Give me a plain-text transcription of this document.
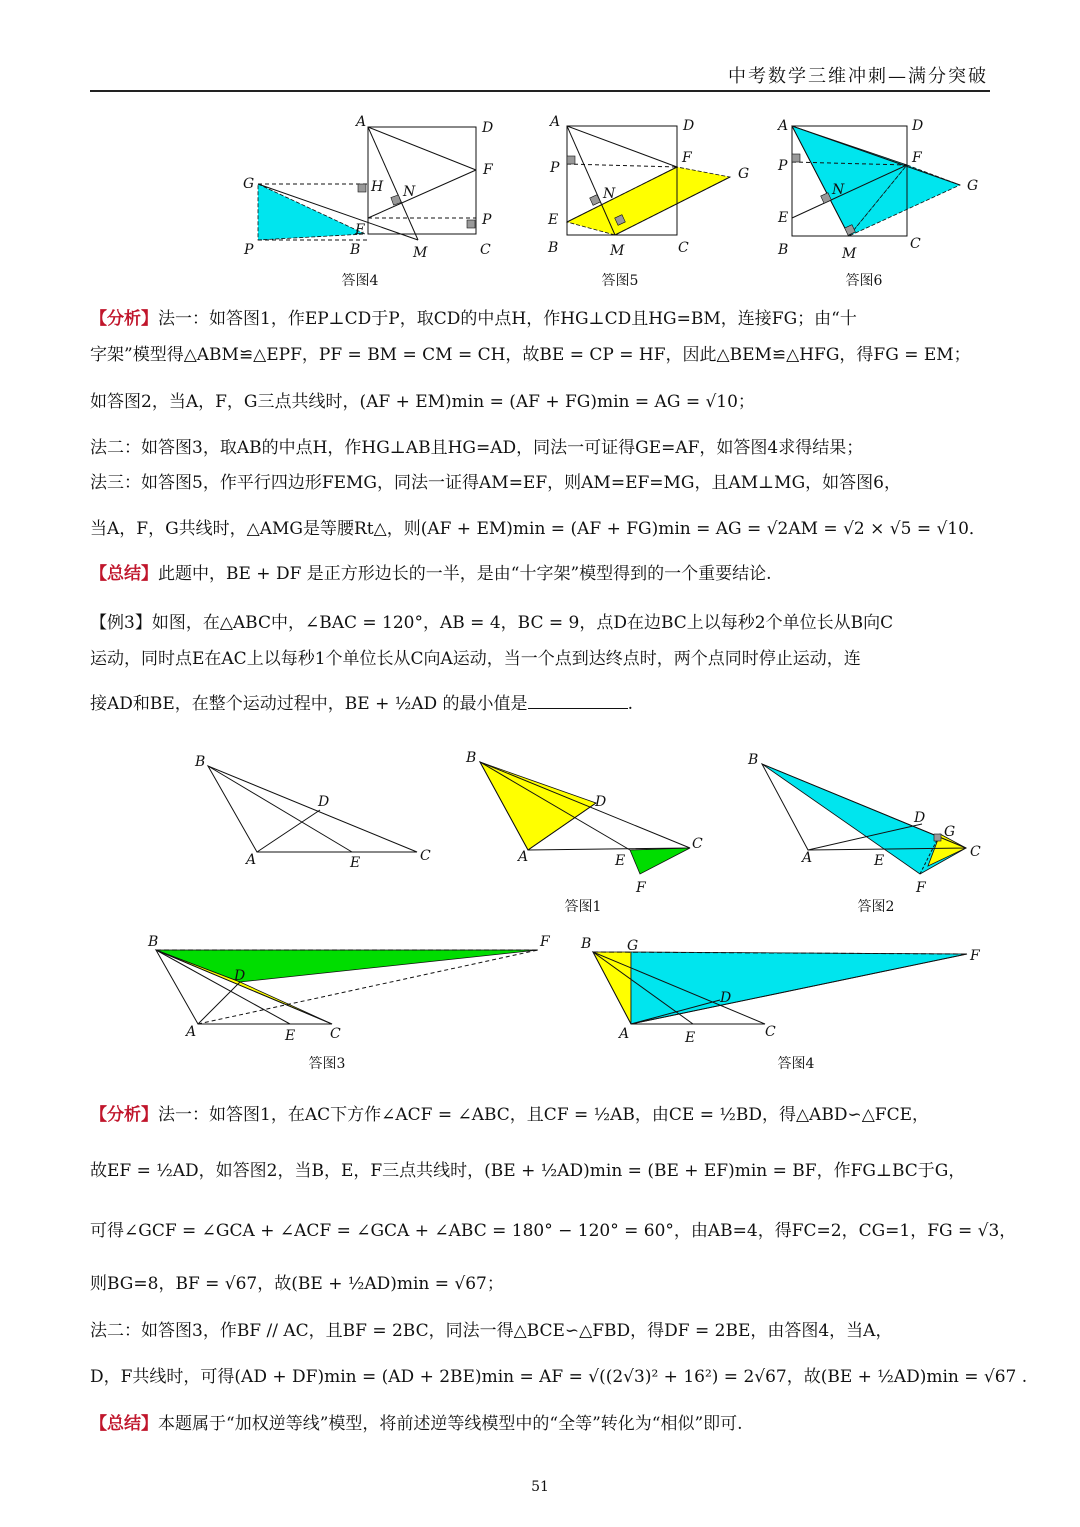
中考数学三维冲刺—满分突破
A	D
F
H N
G
E
P
P	B	M	C
答图4
A	D
P
F
G
N
E
B	M	C
答图5
A	D
P	F
G
N
E
B	M
C
答图6
【分析】法一：如答图1，作EP⊥CD于P，取CD的中点H，作HG⊥CD且HG=BM，连接FG；由“十
字架”模型得△ABM≌△EPF，PF = BM = CM = CH，故BE = CP = HF，因此△BEM≌△HFG，得FG = EM；
如答图2，当A，F，G三点共线时，(AF + EM)min = (AF + FG)min = AG = √10；
法二：如答图3，取AB的中点H，作HG⊥AB且HG=AD，同法一可证得GE=AF，如答图4求得结果；
法三：如答图5，作平行四边形FEMG，同法一证得AM=EF，则AM=EF=MG，且AM⊥MG，如答图6，
当A，F，G共线时，△AMG是等腰Rt△，则(AF + EM)min = (AF + FG)min = AG = √2AM = √2 × √5 = √10．
【总结】此题中，BE + DF 是正方形边长的一半，是由“十字架”模型得到的一个重要结论.
【例3】如图，在△ABC中，∠BAC = 120°，AB = 4，BC = 9，点D在边BC上以每秒2个单位长从B向C
运动，同时点E在AC上以每秒1个单位长从C向A运动，当一个点到达终点时，两个点同时停止运动，连
接AD和BE，在整个运动过程中，BE + ½AD 的最小值是	.
B
D
A	E	C
B
D
A	E
C
F
答图1
B
D
G
A	E
C
F
答图2
B	F
D
A	E C
答图3
B	G
F
D
A	E	C
答图4
【分析】法一：如答图1，在AC下方作∠ACF = ∠ABC，且CF = ½AB，由CE = ½BD，得△ABD∽△FCE，
故EF = ½AD，如答图2，当B，E，F三点共线时，(BE + ½AD)min = (BE + EF)min = BF，作FG⊥BC于G，
可得∠GCF = ∠GCA + ∠ACF = ∠GCA + ∠ABC = 180° − 120° = 60°，由AB=4，得FC=2，CG=1，FG = √3，
则BG=8，BF = √67，故(BE + ½AD)min = √67；
法二：如答图3，作BF // AC，且BF = 2BC，同法一得△BCE∽△FBD，得DF = 2BE，由答图4，当A，
D，F共线时，可得(AD + DF)min = (AD + 2BE)min = AF = √((2√3)² + 16²) = 2√67，故(BE + ½AD)min = √67 .
【总结】本题属于“加权逆等线”模型，将前述逆等线模型中的“全等”转化为“相似”即可.
51
